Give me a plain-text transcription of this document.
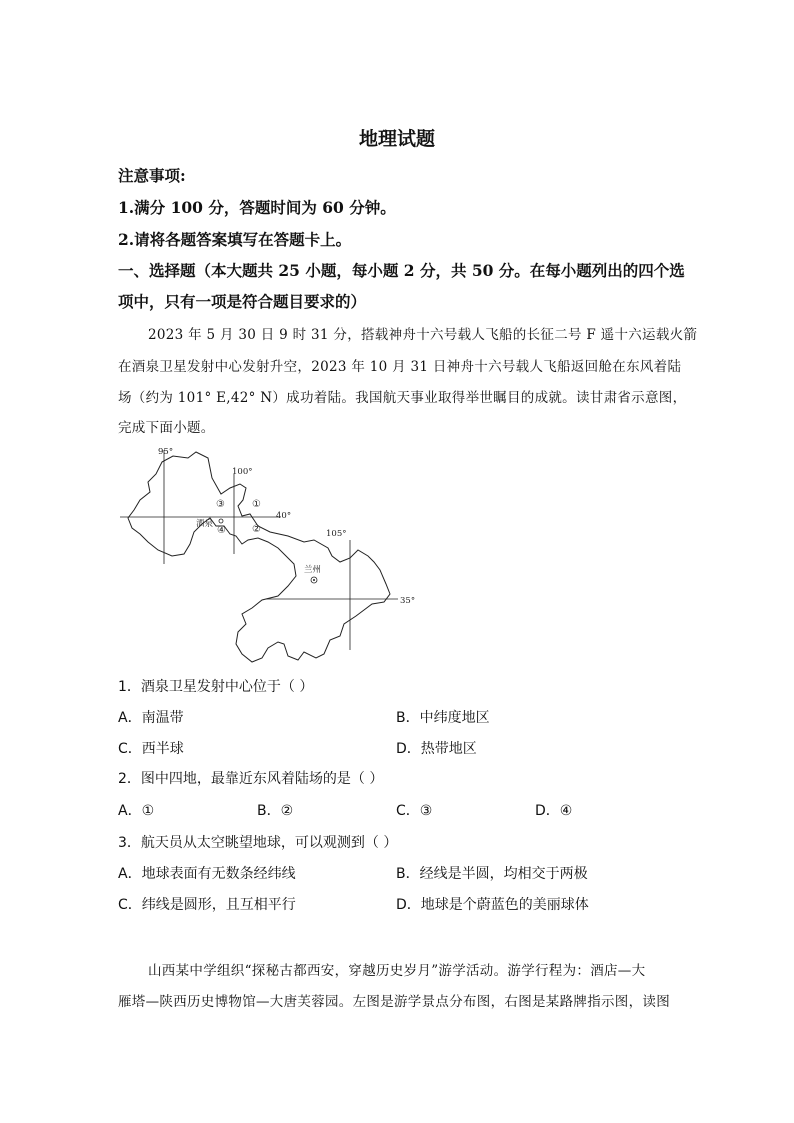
地理试题
注意事项:
1.满分 100 分，答题时间为 60 分钟。
2.请将各题答案填写在答题卡上。
一、选择题（本大题共 25 小题，每小题 2 分，共 50 分。在每小题列出的四个选
项中，只有一项是符合题目要求的）
2023 年 5 月 30 日 9 时 31 分，搭载神舟十六号载人飞船的长征二号 F 遥十六运载火箭
在酒泉卫星发射中心发射升空，2023 年 10 月 31 日神舟十六号载人飞船返回舱在东风着陆
场（约为 101° E,42° N）成功着陆。我国航天事业取得举世瞩目的成就。读甘肃省示意图，
完成下面小题。
95°
100°
105°
40°
35°
①
②
③
④
酒泉
兰州
1．酒泉卫星发射中心位于（ ）
A．南温带	B．中纬度地区
C．西半球	D．热带地区
2．图中四地，最靠近东风着陆场的是（ ）
A．①	B．②	C．③	D．④
3．航天员从太空眺望地球，可以观测到（ ）
A．地球表面有无数条经纬线	B．经线是半圆，均相交于两极
C．纬线是圆形，且互相平行	D．地球是个蔚蓝色的美丽球体
山西某中学组织“探秘古都西安，穿越历史岁月”游学活动。游学行程为：酒店—大
雁塔—陕西历史博物馆—大唐芙蓉园。左图是游学景点分布图，右图是某路牌指示图，读图
